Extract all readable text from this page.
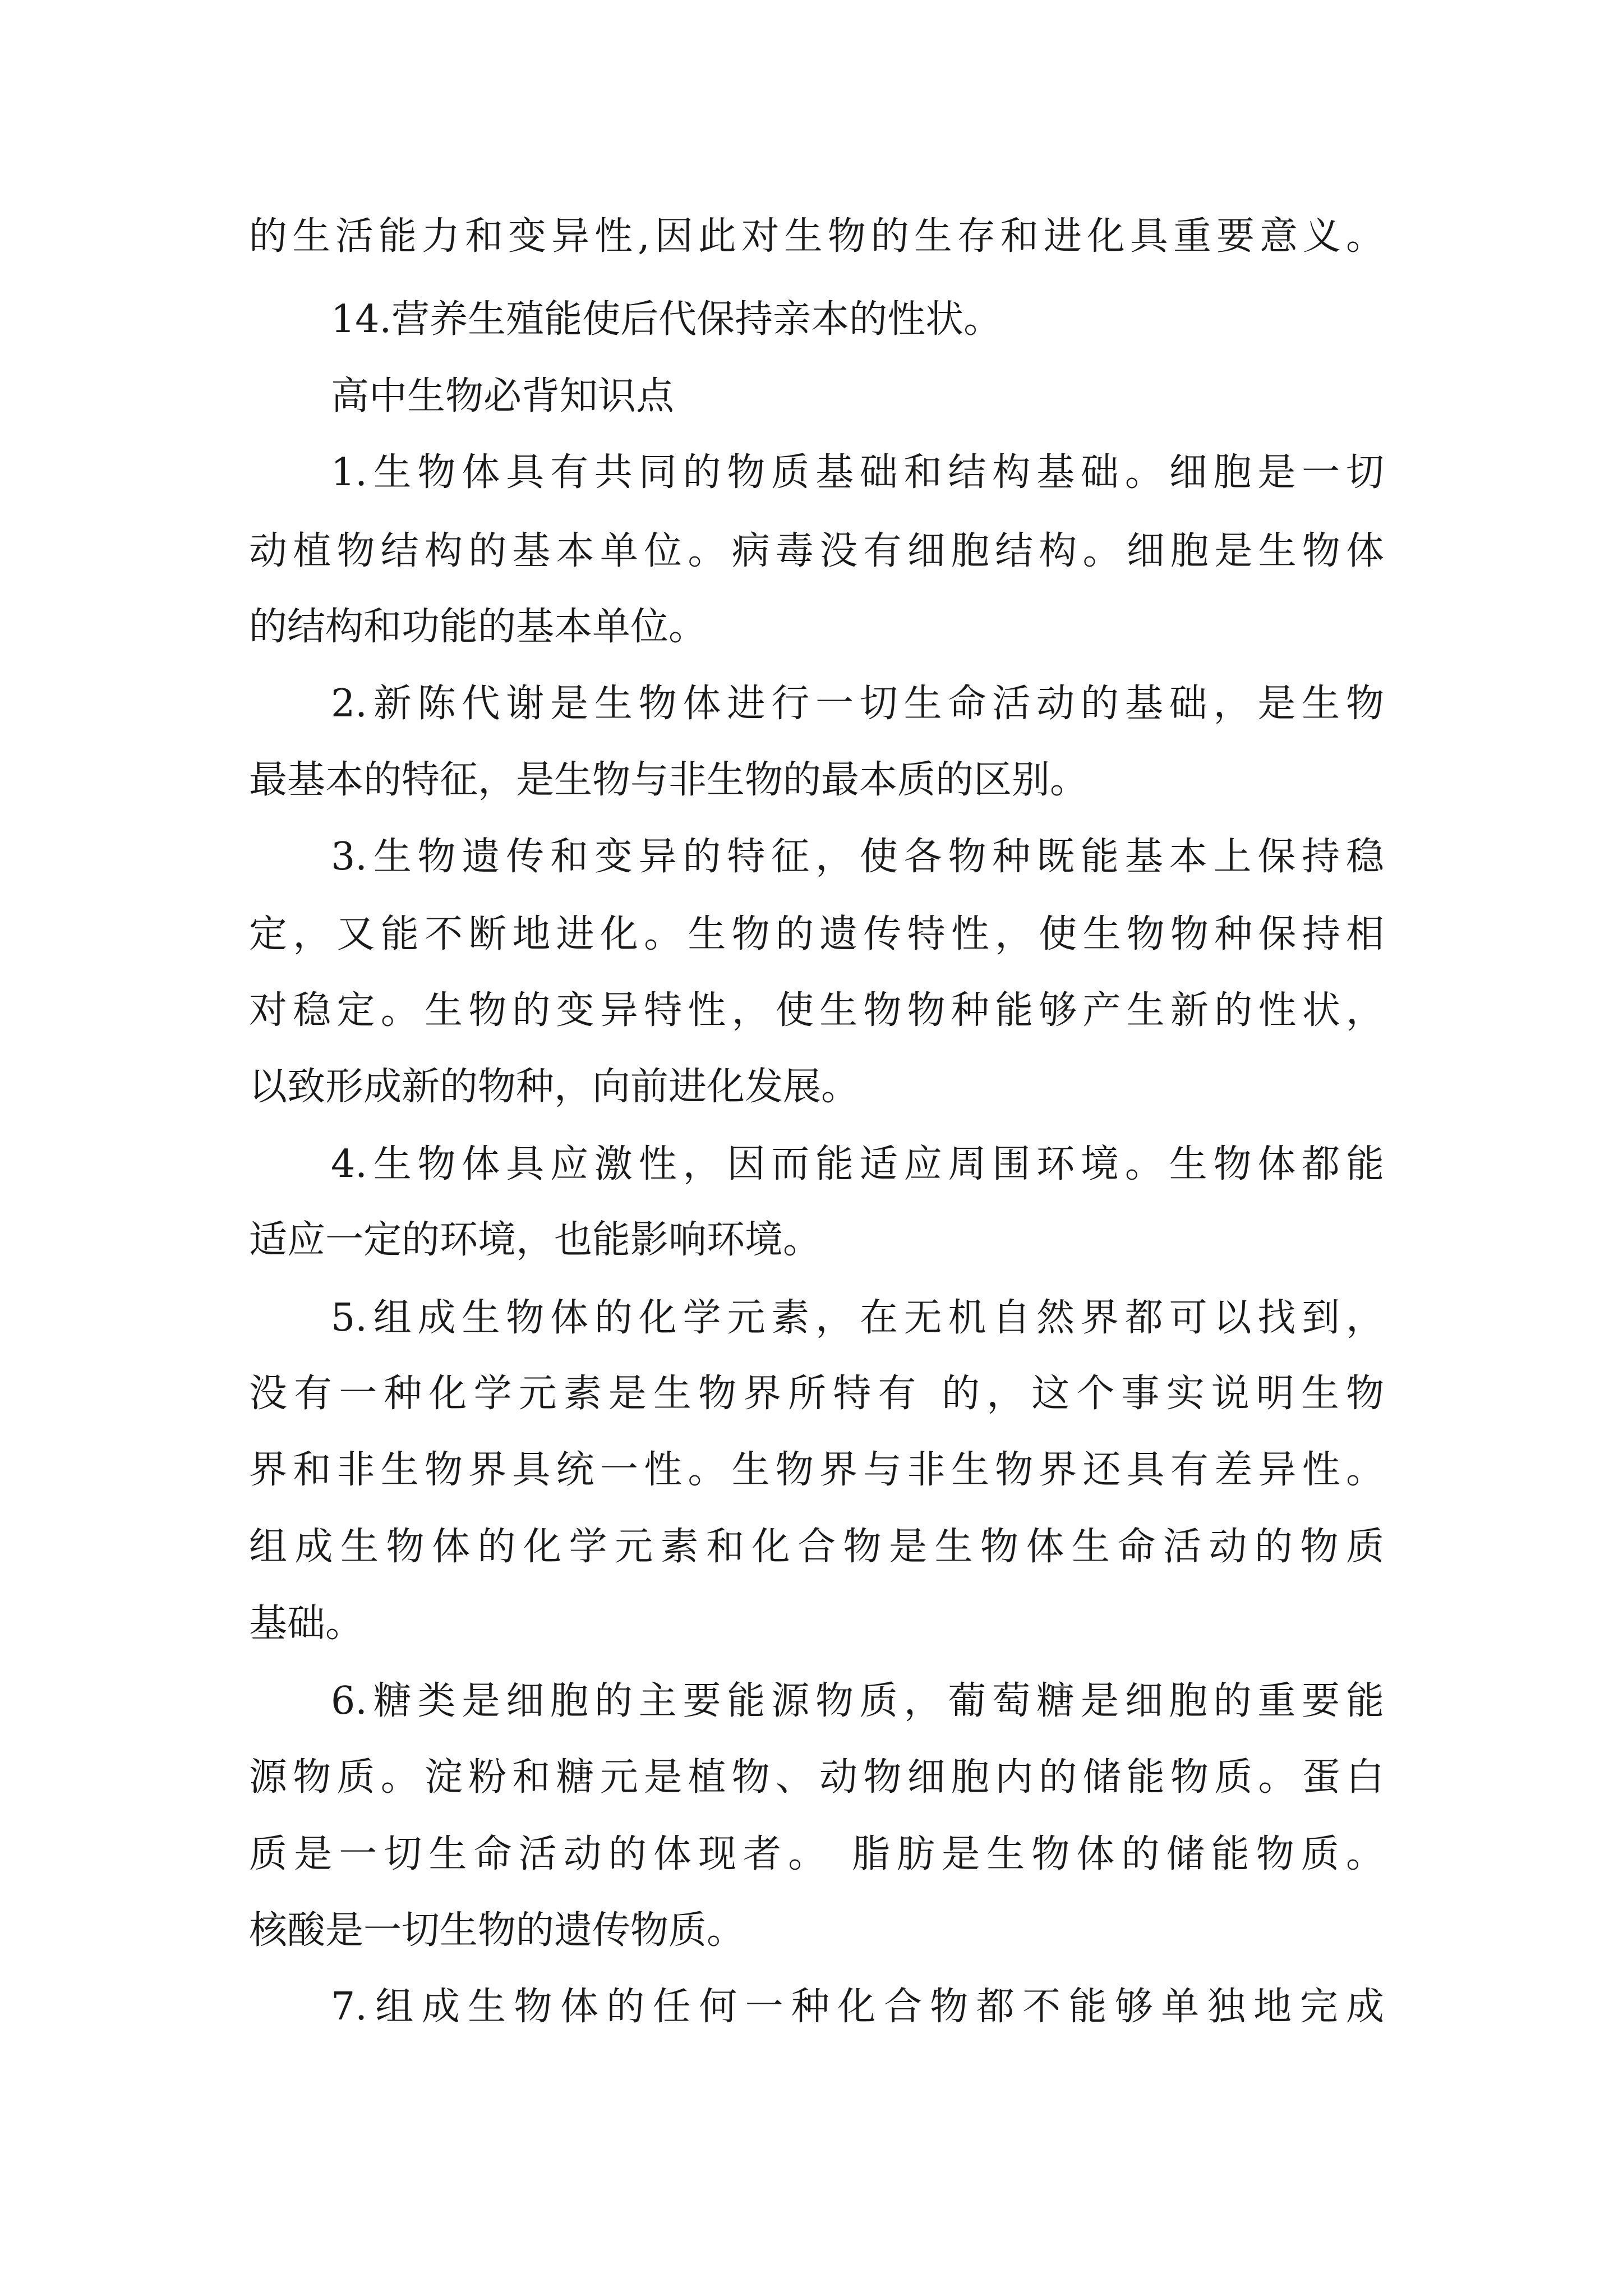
的生活能力和变异性,因此对生物的生存和进化具重要意义。

14.营养生殖能使后代保持亲本的性状。

高中生物必背知识点

1.生物体具有共同的物质基础和结构基础。细胞是一切

动植物结构的基本单位。病毒没有细胞结构。细胞是生物体

的结构和功能的基本单位。

2.新陈代谢是生物体进行一切生命活动的基础，是生物

最基本的特征，是生物与非生物的最本质的区别。

3.生物遗传和变异的特征，使各物种既能基本上保持稳

定，又能不断地进化。生物的遗传特性，使生物物种保持相

对稳定。生物的变异特性，使生物物种能够产生新的性状，

以致形成新的物种，向前进化发展。

4.生物体具应激性，因而能适应周围环境。生物体都能

适应一定的环境，也能影响环境。

5.组成生物体的化学元素，在无机自然界都可以找到，

没有一种化学元素是生物界所特有 的，这个事实说明生物

界和非生物界具统一性。生物界与非生物界还具有差异性。

组成生物体的化学元素和化合物是生物体生命活动的物质

基础。

6.糖类是细胞的主要能源物质，葡萄糖是细胞的重要能

源物质。淀粉和糖元是植物、动物细胞内的储能物质。蛋白

质是一切生命活动的体现者。 脂肪是生物体的储能物质。

核酸是一切生物的遗传物质。

7.组成生物体的任何一种化合物都不能够单独地完成
